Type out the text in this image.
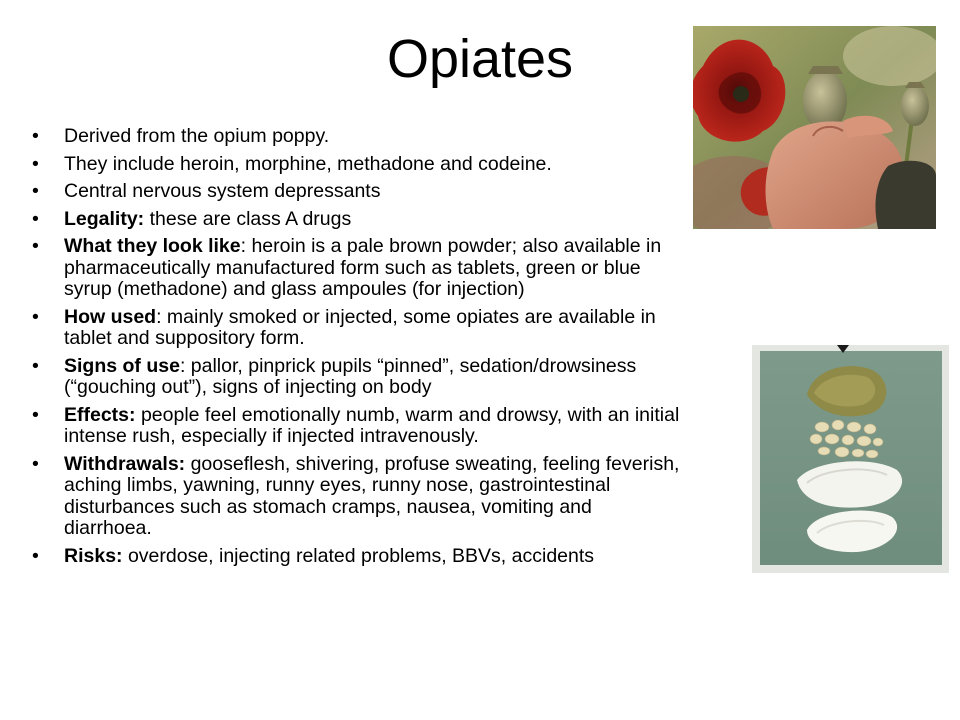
Opiates
• Derived from the opium poppy.
• They include heroin, morphine, methadone and codeine.
• Central nervous system depressants
• Legality: these are class A drugs
• What they look like: heroin is a pale brown powder; also available in pharmaceutically manufactured form such as tablets, green or blue syrup (methadone) and glass ampoules (for injection)
• How used: mainly smoked or injected, some opiates are available in tablet and suppository form.
• Signs of use: pallor, pinprick pupils “pinned”, sedation/drowsiness (“gouching out”), signs of injecting on body
• Effects: people feel emotionally numb, warm and drowsy, with an initial intense rush, especially if injected intravenously.
• Withdrawals: gooseflesh, shivering, profuse sweating, feeling feverish, aching limbs, yawning, runny eyes, runny nose, gastrointestinal disturbances such as stomach cramps, nausea, vomiting and diarrhoea.
• Risks: overdose, injecting related problems, BBVs, accidents
